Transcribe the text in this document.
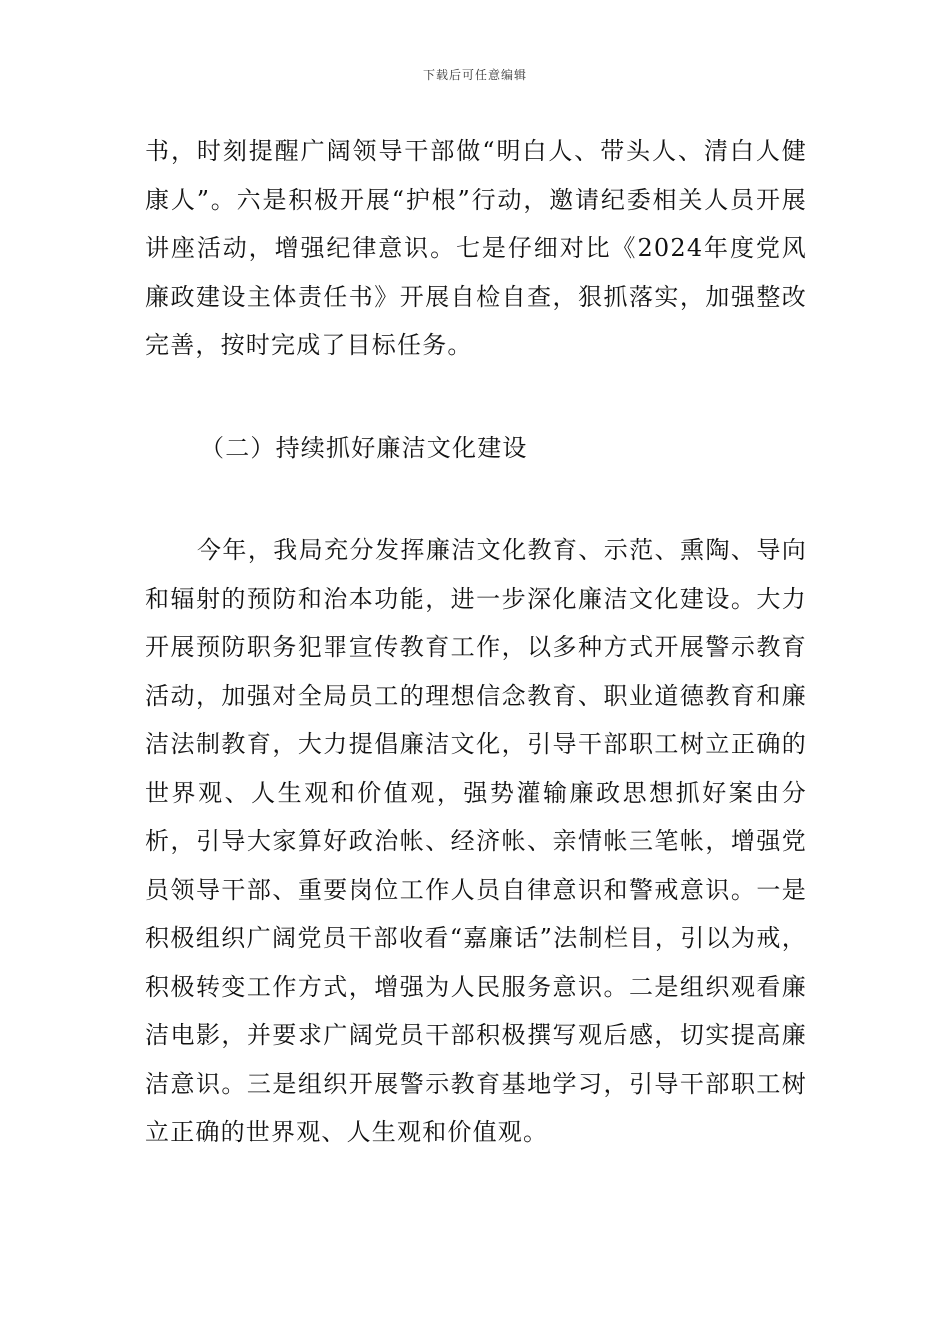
下载后可任意编辑

书，时刻提醒广阔领导干部做“明白人、带头人、清白人健康人”。六是积极开展“护根”行动，邀请纪委相关人员开展讲座活动，增强纪律意识。七是仔细对比《2024年度党风廉政建设主体责任书》开展自检自查，狠抓落实，加强整改完善，按时完成了目标任务。

（二）持续抓好廉洁文化建设

今年，我局充分发挥廉洁文化教育、示范、熏陶、导向和辐射的预防和治本功能，进一步深化廉洁文化建设。大力开展预防职务犯罪宣传教育工作，以多种方式开展警示教育活动，加强对全局员工的理想信念教育、职业道德教育和廉洁法制教育，大力提倡廉洁文化，引导干部职工树立正确的世界观、人生观和价值观，强势灌输廉政思想抓好案由分析，引导大家算好政治帐、经济帐、亲情帐三笔帐，增强党员领导干部、重要岗位工作人员自律意识和警戒意识。一是积极组织广阔党员干部收看“嘉廉话”法制栏目，引以为戒，积极转变工作方式，增强为人民服务意识。二是组织观看廉洁电影，并要求广阔党员干部积极撰写观后感，切实提高廉洁意识。三是组织开展警示教育基地学习，引导干部职工树立正确的世界观、人生观和价值观。
